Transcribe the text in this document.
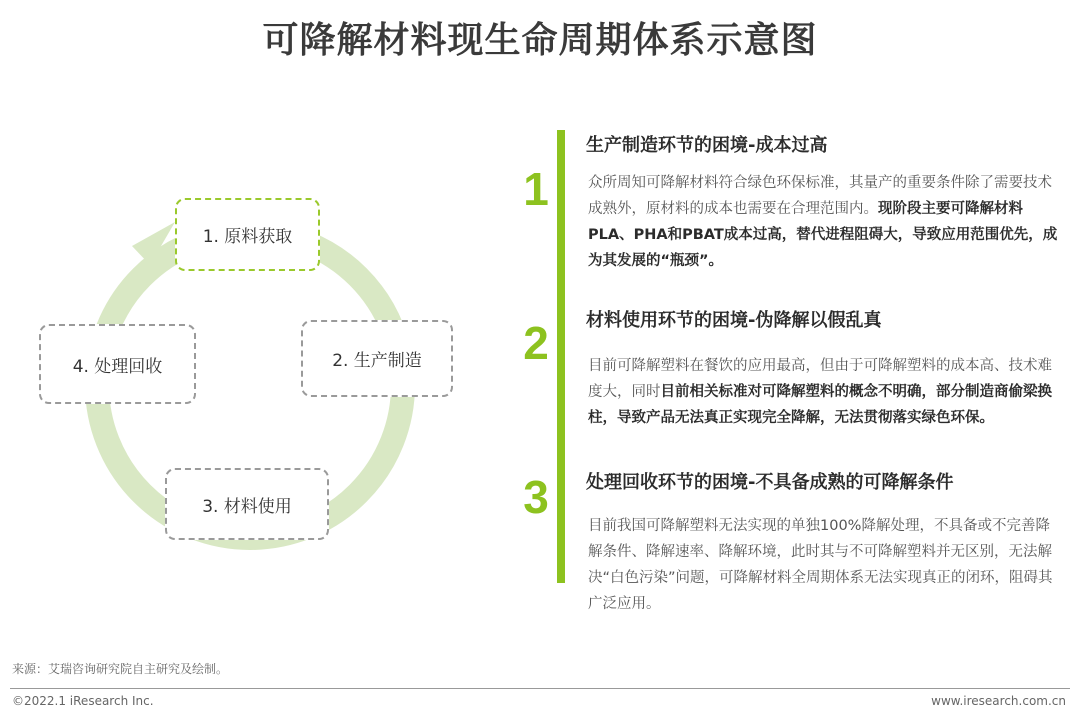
可降解材料现生命周期体系示意图
1. 原料获取
2. 生产制造
3. 材料使用
4. 处理回收
1
生产制造环节的困境-成本过高
众所周知可降解材料符合绿色环保标准，其量产的重要条件除了需要技术成熟外，原材料的成本也需要在合理范围内。现阶段主要可降解材料PLA、PHA和PBAT成本过高，替代进程阻碍大，导致应用范围优先，成为其发展的“瓶颈”。
2 材料使用环节的困境-伪降解以假乱真
目前可降解塑料在餐饮的应用最高，但由于可降解塑料的成本高、技术难度大，同时目前相关标准对可降解塑料的概念不明确，部分制造商偷梁换柱，导致产品无法真正实现完全降解，无法贯彻落实绿色环保。
3 处理回收环节的困境-不具备成熟的可降解条件
目前我国可降解塑料无法实现的单独100%降解处理，不具备或不完善降解条件、降解速率、降解环境，此时其与不可降解塑料并无区别，无法解决“白色污染”问题，可降解材料全周期体系无法实现真正的闭环，阻碍其广泛应用。
来源：艾瑞咨询研究院自主研究及绘制。
©2022.1 iResearch Inc.	www.iresearch.com.cn
